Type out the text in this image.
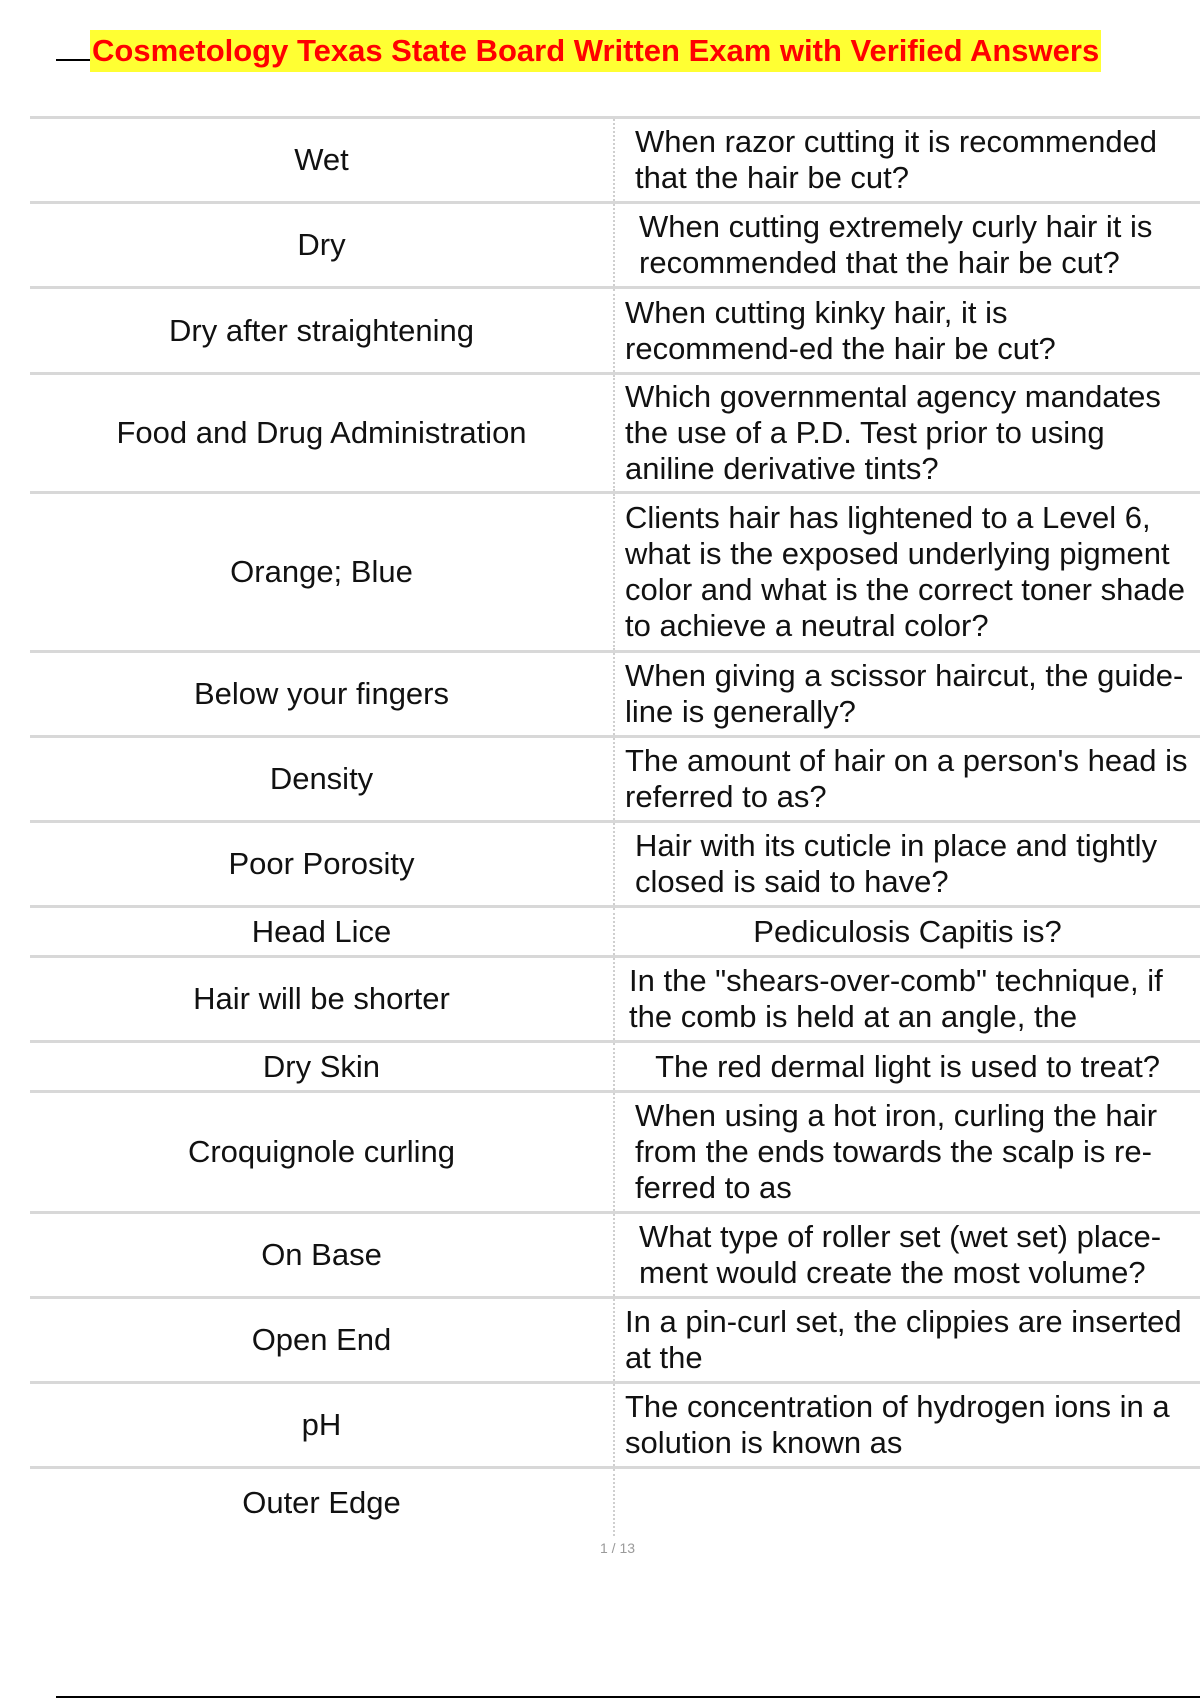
Cosmetology Texas State Board Written Exam with Verified Answers
Wet
When razor cutting it is recommended that the hair be cut?
Dry
When cutting extremely curly hair it is recommended that the hair be cut?
Dry after straightening
When cutting kinky hair, it is recommend-ed the hair be cut?
Food and Drug Administration
Which governmental agency mandates the use of a P.D. Test prior to using aniline derivative tints?
Orange; Blue
Clients hair has lightened to a Level 6, what is the exposed underlying pigment color and what is the correct toner shade to achieve a neutral color?
Below your fingers
When giving a scissor haircut, the guide-line is generally?
Density
The amount of hair on a person's head is referred to as?
Poor Porosity
Hair with its cuticle in place and tightly closed is said to have?
Head Lice	Pediculosis Capitis is?
Hair will be shorter
In the "shears-over-comb" technique, if the comb is held at an angle, the
Dry Skin	The red dermal light is used to treat?
Croquignole curling
When using a hot iron, curling the hair from the ends towards the scalp is re-ferred to as
On Base
What type of roller set (wet set) place-ment would create the most volume?
Open End
In a pin-curl set, the clippies are inserted at the
pH
The concentration of hydrogen ions in a solution is known as
Outer Edge
1 / 13
